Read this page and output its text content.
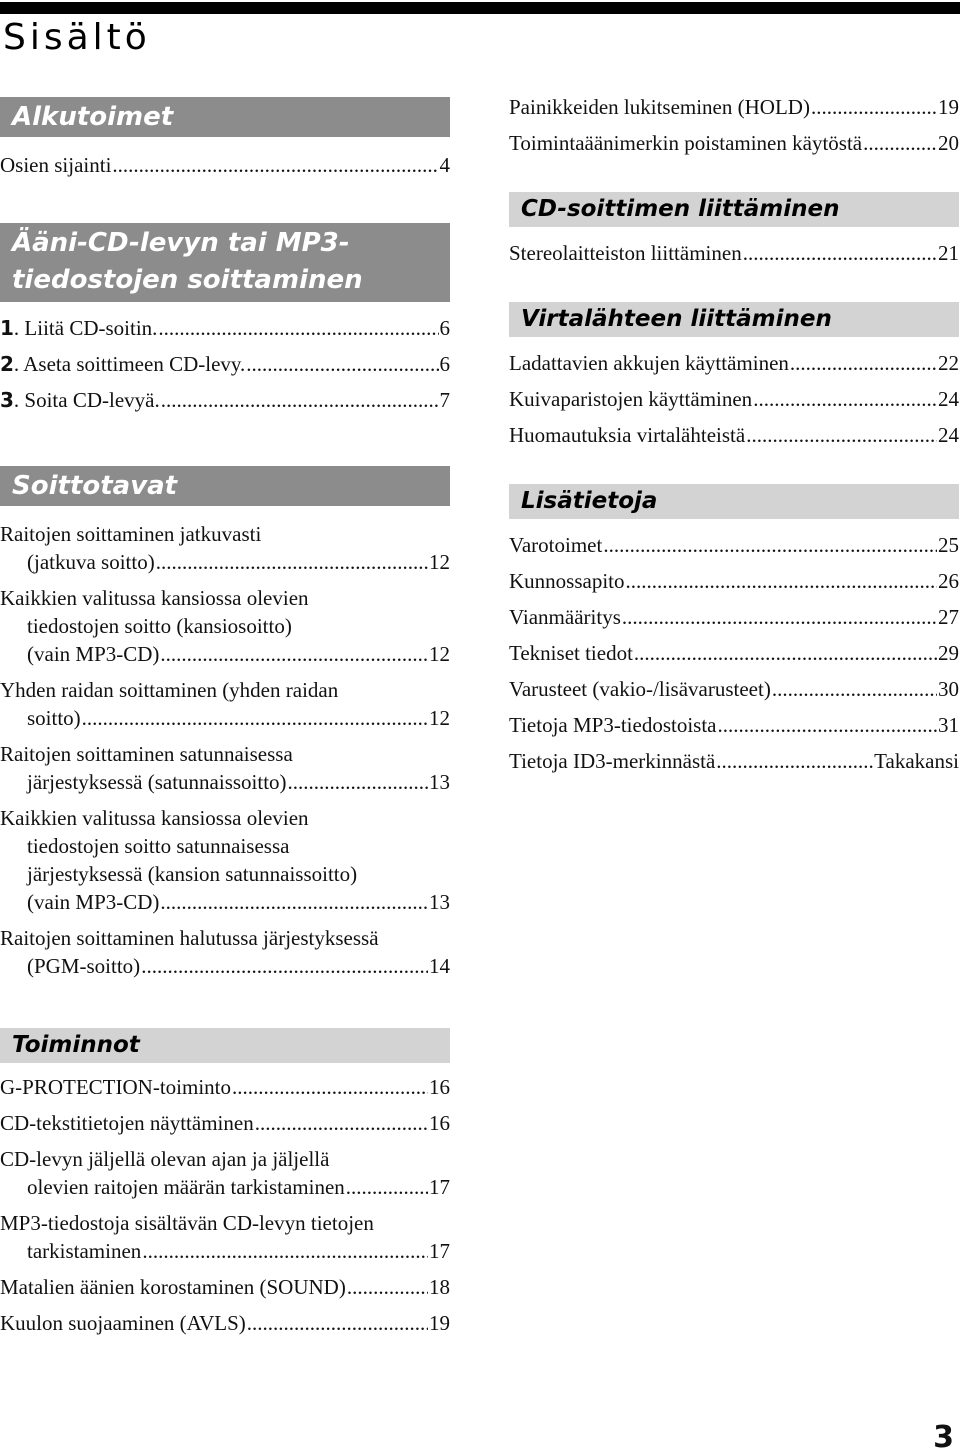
Sisältö
Alkutoimet
Osien sijainti .....	4
Ääni-CD-levyn tai MP3-
tiedostojen soittaminen
1 . Liitä CD-soitin. .....	6
2 . Aseta soittimeen CD-levy. .....	6
3 . Soita CD-levyä. .....	7
Soittotavat
Raitojen soittaminen jatkuvasti
(jatkuva soitto) .....	12
Kaikkien valitussa kansiossa olevien
tiedostojen soitto (kansiosoitto)
(vain MP3-CD) .....	12
Yhden raidan soittaminen (yhden raidan
soitto) .....	12
Raitojen soittaminen satunnaisessa
järjestyksessä (satunnaissoitto) .....	13
Kaikkien valitussa kansiossa olevien
tiedostojen soitto satunnaisessa
järjestyksessä (kansion satunnaissoitto)
(vain MP3-CD) .....	13
Raitojen soittaminen halutussa järjestyksessä
(PGM-soitto) .....	14
Toiminnot
G-PROTECTION-toiminto .....	16
CD-tekstitietojen näyttäminen .....	16
CD-levyn jäljellä olevan ajan ja jäljellä
olevien raitojen määrän tarkistaminen .....	17
MP3-tiedostoja sisältävän CD-levyn tietojen
tarkistaminen .....	17
Matalien äänien korostaminen (SOUND) .....	18
Kuulon suojaaminen (AVLS) .....	19
Painikkeiden lukitseminen (HOLD) .....	19
Toimintaäänimerkin poistaminen käytöstä .....	20
CD-soittimen liittäminen
Stereolaitteiston liittäminen .....	21
Virtalähteen liittäminen
Ladattavien akkujen käyttäminen .....	22
Kuivaparistojen käyttäminen .....	24
Huomautuksia virtalähteistä .....	24
Lisätietoja
Varotoimet .....	25
Kunnossapito .....	26
Vianmääritys .....	27
Tekniset tiedot .....	29
Varusteet (vakio-/lisävarusteet) .....	30
Tietoja MP3-tiedostoista .....	31
Tietoja ID3-merkinnästä .....	Takakansi
3
